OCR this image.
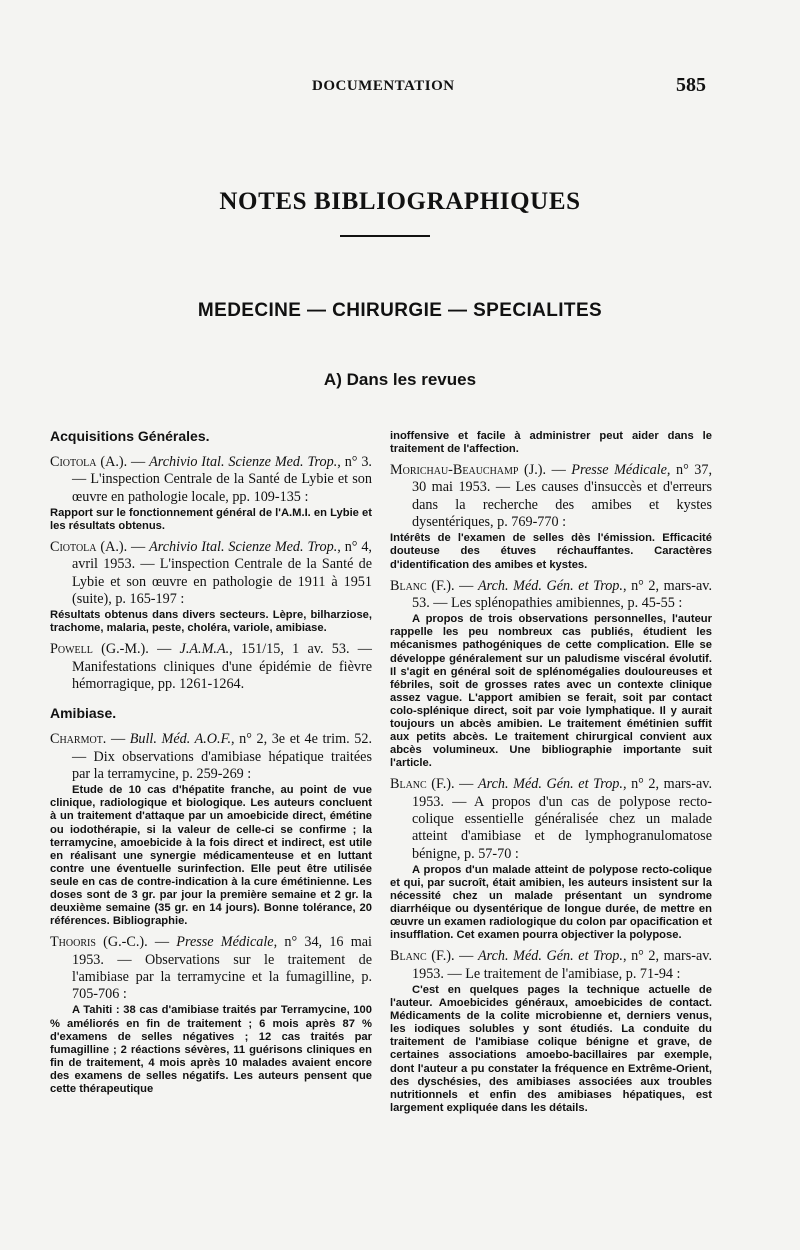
DOCUMENTATION	585
NOTES BIBLIOGRAPHIQUES
MEDECINE — CHIRURGIE — SPECIALITES
A) Dans les revues
Acquisitions Générales.

Ciotola (A.). — Archivio Ital. Scienze Med. Trop., n° 3. — L'inspection Centrale de la Santé de Lybie et son œuvre en pathologie locale, pp. 109-135 :

Rapport sur le fonctionnement général de l'A.M.I. en Lybie et les résultats obtenus.

Ciotola (A.). — Archivio Ital. Scienze Med. Trop., n° 4, avril 1953. — L'inspection Centrale de la Santé de Lybie et son œuvre en pathologie de 1911 à 1951 (suite), p. 165-197 :

Résultats obtenus dans divers secteurs. Lèpre, bilharziose, trachome, malaria, peste, choléra, variole, amibiase.

Powell (G.-M.). — J.A.M.A., 151/15, 1 av. 53. — Manifestations cliniques d'une épidémie de fièvre hémorragique, pp. 1261-1264.

Amibiase.

Charmot. — Bull. Méd. A.O.F., n° 2, 3e et 4e trim. 52. — Dix observations d'amibiase hépatique traitées par la terramycine, p. 259-269 :

Etude de 10 cas d'hépatite franche, au point de vue clinique, radiologique et biologique. Les auteurs concluent à un traitement d'attaque par un amoebicide direct, émétine ou iodothérapie, si la valeur de celle-ci se confirme ; la terramycine, amoebicide à la fois direct et indirect, est utile en réalisant une synergie médicamenteuse et en luttant contre une éventuelle surinfection. Elle peut être utilisée seule en cas de contre-indication à la cure émétinienne. Les doses sont de 3 gr. par jour la première semaine et 2 gr. la deuxième semaine (35 gr. en 14 jours). Bonne tolérance, 20 références. Bibliographie.

Thooris (G.-C.). — Presse Médicale, n° 34, 16 mai 1953. — Observations sur le traitement de l'amibiase par la terramycine et la fumagilline, p. 705-706 :

A Tahiti : 38 cas d'amibiase traités par Terramycine, 100 % améliorés en fin de traitement ; 6 mois après 87 % d'examens de selles négatives ; 12 cas traités par fumagilline ; 2 réactions sévères, 11 guérisons cliniques en fin de traitement, 4 mois après 10 malades avaient encore des examens de selles négatifs. Les auteurs pensent que cette thérapeutique
inoffensive et facile à administrer peut aider dans le traitement de l'affection.

Morichau-Beauchamp (J.). — Presse Médicale, n° 37, 30 mai 1953. — Les causes d'insuccès et d'erreurs dans la recherche des amibes et kystes dysentériques, p. 769-770 :

Intérêts de l'examen de selles dès l'émission. Efficacité douteuse des étuves réchauffantes. Caractères d'identification des amibes et kystes.

Blanc (F.). — Arch. Méd. Gén. et Trop., n° 2, mars-av. 53. — Les splénopathies amibiennes, p. 45-55 :

A propos de trois observations personnelles, l'auteur rappelle les peu nombreux cas publiés, étudient les mécanismes pathogéniques de cette complication. Elle se développe généralement sur un paludisme viscéral évolutif. Il s'agit en général soit de splénomégalies douloureuses et fébriles, soit de grosses rates avec un contexte clinique assez vague. L'apport amibien se ferait, soit par contact colo-splénique direct, soit par voie lymphatique. Il y aurait toujours un abcès amibien. Le traitement émétinien suffit aux petits abcès. Le traitement chirurgical convient aux abcès volumineux. Une bibliographie importante suit l'article.

Blanc (F.). — Arch. Méd. Gén. et Trop., n° 2, mars-av. 1953. — A propos d'un cas de polypose recto-colique essentielle généralisée chez un malade atteint d'amibiase et de lymphogranulomatose bénigne, p. 57-70 :

A propos d'un malade atteint de polypose recto-colique et qui, par sucroît, était amibien, les auteurs insistent sur la nécessité chez un malade présentant un syndrome diarrhéique ou dysentérique de longue durée, de mettre en œuvre un examen radiologique du colon par opacification et insufflation. Cet examen pourra objectiver la polypose.

Blanc (F.). — Arch. Méd. Gén. et Trop., n° 2, mars-av. 1953. — Le traitement de l'amibiase, p. 71-94 :

C'est en quelques pages la technique actuelle de l'auteur. Amoebicides généraux, amoebicides de contact. Médicaments de la colite microbienne et, derniers venus, les iodiques solubles y sont étudiés. La conduite du traitement de l'amibiase colique bénigne et grave, de certaines associations amoebo-bacillaires par exemple, dont l'auteur a pu constater la fréquence en Extrême-Orient, des dyschésies, des amibiases associées aux troubles nutritionnels et enfin des amibiases hépatiques, est largement expliquée dans les détails.
